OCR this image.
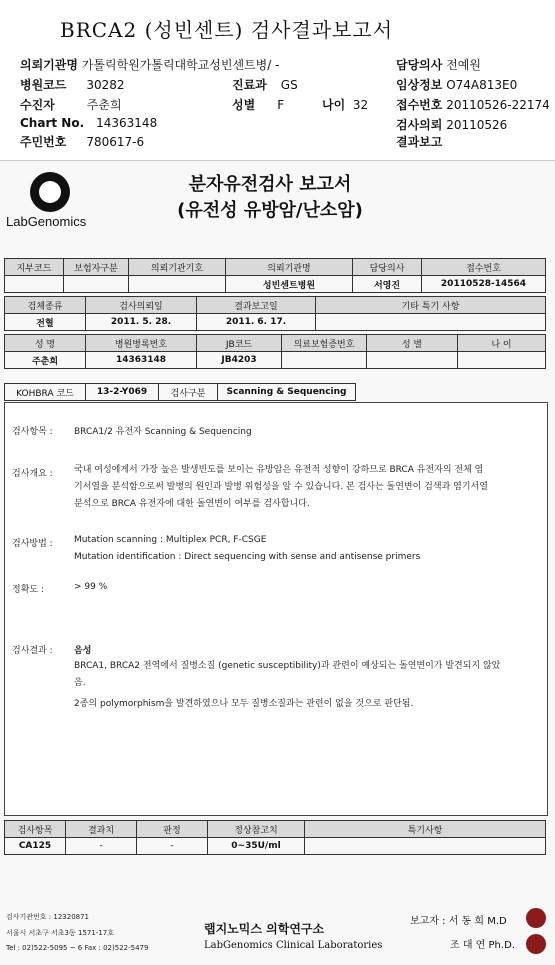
BRCA2 (성빈센트) 검사결과보고서
의뢰기관명 가톨릭학원가톨릭대학교성빈센트병/ -
병원코드 30282
수진자	주춘희
Chart No. 14363148
주민번호 780617-6
진료과 GS
성별 F	나이 32
담당의사 전예원
임상정보 O74A813E0
접수번호 20110526-22174
검사의뢰 20110526
결과보고
LabGenomics
분자유전검사 보고서
(유전성 유방암/난소암)
지부코드	보험자구분	의뢰기관기호	의뢰기관명	담당의사	접수번호
			성빈센트병원	서영진	20110528-14564
검체종류	검사의뢰일	결과보고일	기타 특기 사항
전혈	2011. 5. 28.	2011. 6. 17.	
성 명	병원병록번호	JB코드	의료보험증번호	성 별	나 이
주춘희	14363148	JB4203			
KOHBRA 코드	13-2-Y069	검사구분	Scanning & Sequencing
검사항목 : BRCA1/2 유전자 Scanning & Sequencing
검사개요 : 국내 여성에게서 가장 높은 발생빈도를 보이는 유방암은 유전적 성향이 강하므로 BRCA 유전자의 전체 염
기서열을 분석함으로써 발병의 원인과 발병 위험성을 알 수 있습니다. 본 검사는 돌연변이 검색과 염기서열
분석으로 BRCA 유전자에 대한 돌연변이 여부를 검사합니다.
검사방법 : Mutation scanning : Multiplex PCR, F-CSGE
Mutation identification : Direct sequencing with sense and antisense primers
정확도 :	> 99 %
검사결과 : 음성
BRCA1, BRCA2 전역에서 질병소질 (genetic susceptibility)과 관련이 예상되는 돌연변이가 발견되지 않았
음.
2종의 polymorphism을 발견하였으나 모두 질병소질과는 관련이 없을 것으로 판단됨.
검사항목	결과치	판정	정상참고치	특기사항
CA125	-	-	0~35U/ml	
검사기관번호 : 12320871
서울시 서초구 서초3동 1571-17호
Tel : 02)522-5095 ~ 6 Fax : 02)522-5479
랩지노믹스 의학연구소
LabGenomics Clinical Laboratories
보고자 : 서 동 희 M.D
조 대 연 Ph.D.
